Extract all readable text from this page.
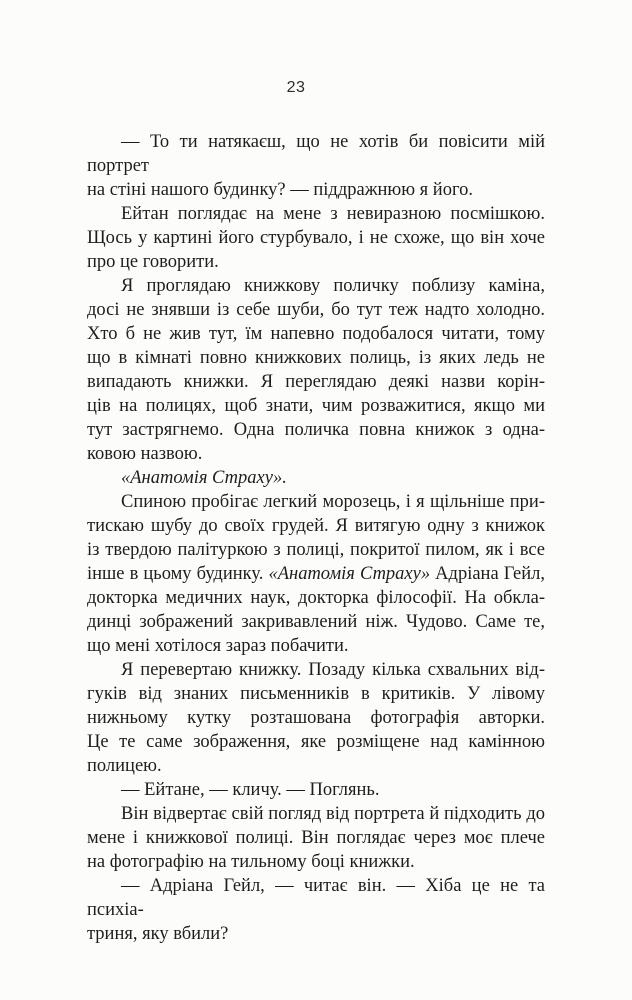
23
— То ти натякаєш, що не хотів би повісити мій портрет
на стіні нашого будинку? — піддражнюю я його.
Ейтан поглядає на мене з невиразною посмішкою.
Щось у картині його стурбувало, і не схоже, що він хоче
про це говорити.
Я проглядаю книжкову поличку поблизу каміна,
досі не знявши із себе шуби, бо тут теж надто холодно.
Хто б не жив тут, їм напевно подобалося читати, тому
що в кімнаті повно книжкових полиць, із яких ледь не
випадають книжки. Я переглядаю деякі назви корін-
ців на полицях, щоб знати, чим розважитися, якщо ми
тут застрягнемо. Одна поличка повна книжок з одна-
ковою назвою.
«Анатомія Страху».
Спиною пробігає легкий морозець, і я щільніше при-
тискаю шубу до своїх грудей. Я витягую одну з книжок
із твердою палітуркою з полиці, покритої пилом, як і все
інше в цьому будинку. «Анатомія Страху» Адріана Гейл,
докторка медичних наук, докторка філософії. На обкла-
динці зображений закривавлений ніж. Чудово. Саме те,
що мені хотілося зараз побачити.
Я перевертаю книжку. Позаду кілька схвальних від-
гуків від знаних письменників в критиків. У лівому
нижньому кутку розташована фотографія авторки.
Це те саме зображення, яке розміщене над камінною
полицею.
— Ейтане, — кличу. — Поглянь.
Він відвертає свій погляд від портрета й підходить до
мене і книжкової полиці. Він поглядає через моє плече
на фотографію на тильному боці книжки.
— Адріана Гейл, — читає він. — Хіба це не та психіа-
триня, яку вбили?
